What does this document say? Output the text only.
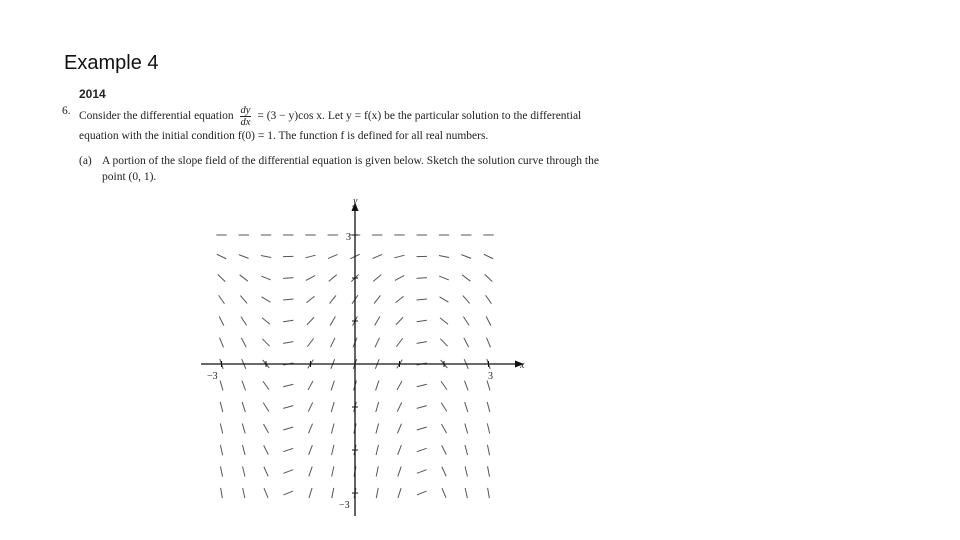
Example 4
2014
6. Consider the differential equation $\frac{dy}{dx} = (3 - y)\cos$ x. Let y = f(x) be the particular solution to the differential
equation with the initial condition f(0) = 1. The function f is defined for all real numbers.
(a) A portion of the slope field of the differential equation is given below. Sketch the solution curve through the
point (0, 1).
x
y
−3	3
3
−3
